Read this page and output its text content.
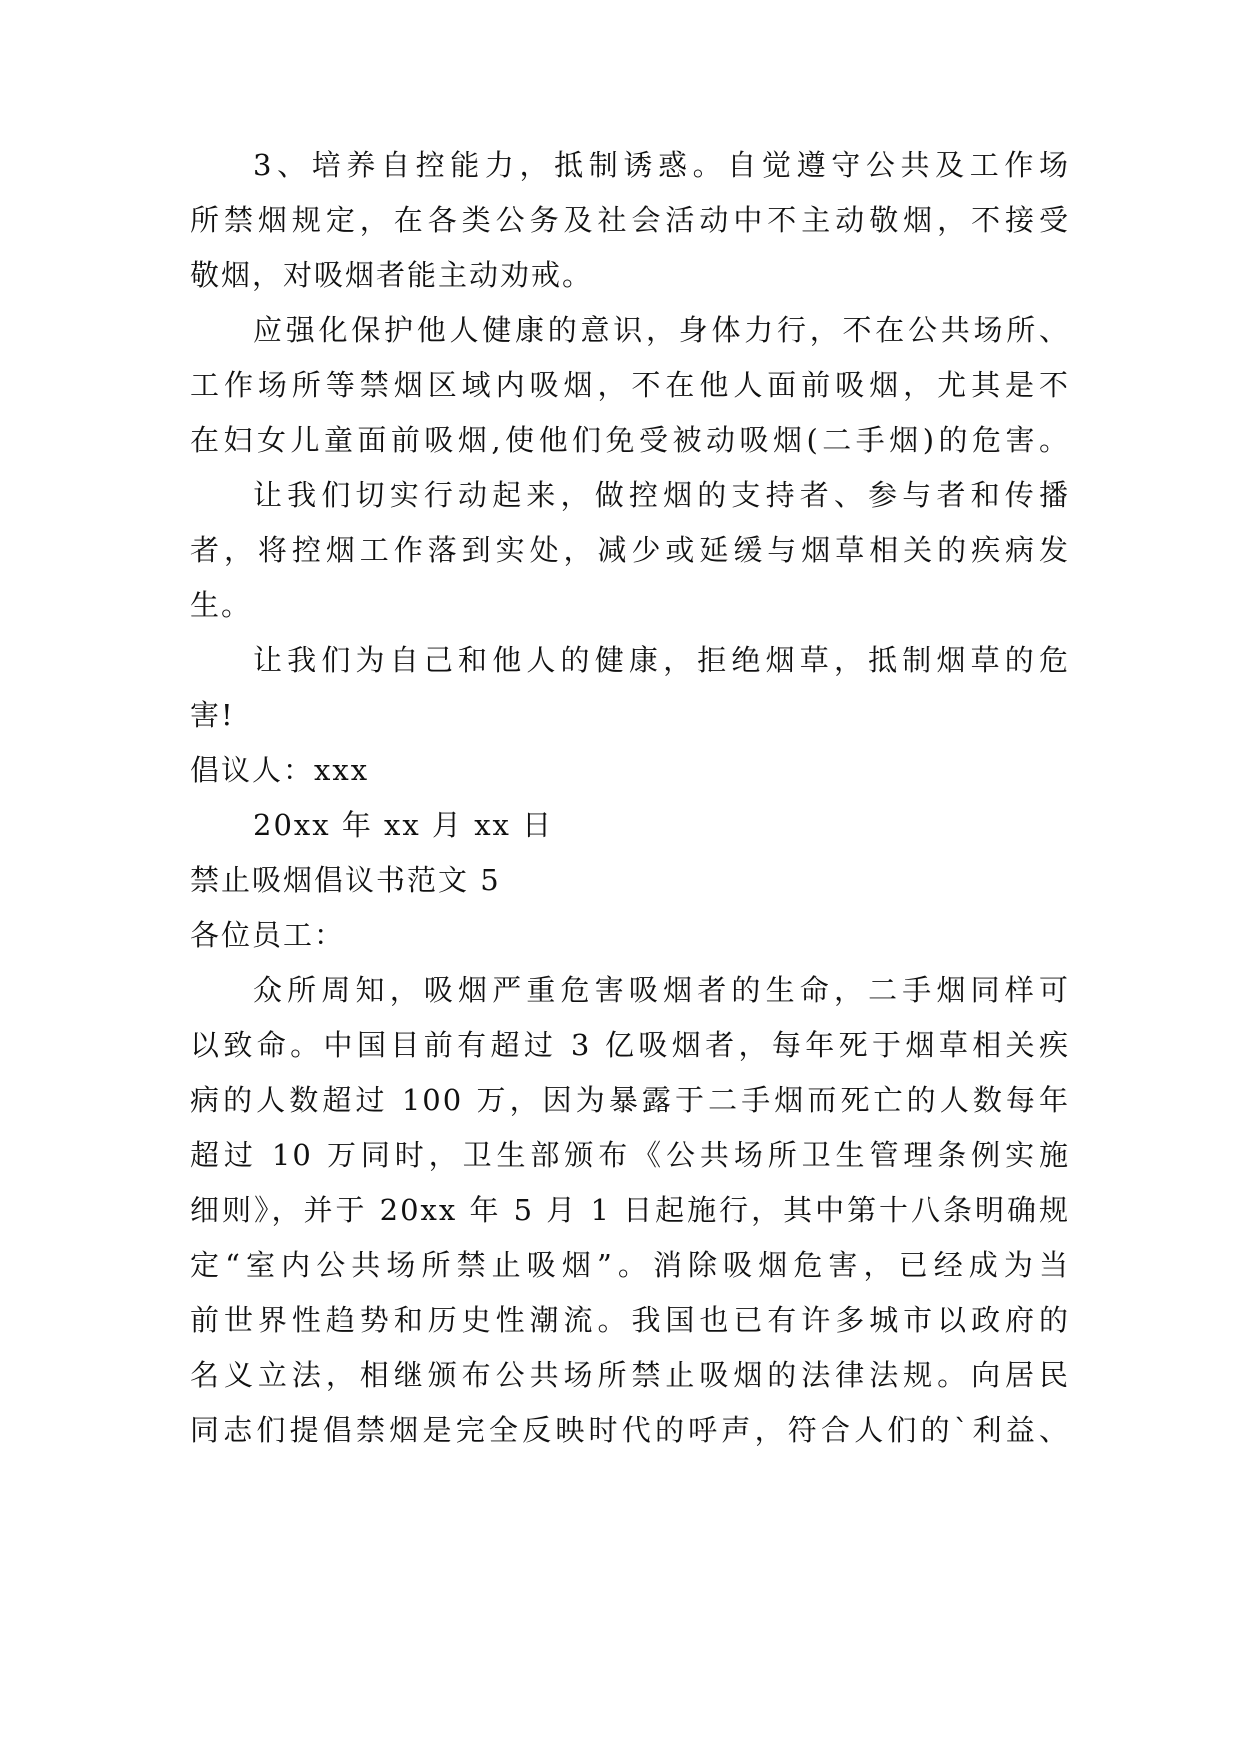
3、培养自控能力，抵制诱惑。自觉遵守公共及工作场
所禁烟规定，在各类公务及社会活动中不主动敬烟，不接受
敬烟，对吸烟者能主动劝戒。
应强化保护他人健康的意识，身体力行，不在公共场所、
工作场所等禁烟区域内吸烟，不在他人面前吸烟，尤其是不
在妇女儿童面前吸烟,使他们免受被动吸烟(二手烟)的危害。
让我们切实行动起来，做控烟的支持者、参与者和传播
者，将控烟工作落到实处，减少或延缓与烟草相关的疾病发
生。
让我们为自己和他人的健康，拒绝烟草，抵制烟草的危
害!
倡议人：xxx
20xx 年 xx 月 xx 日
禁止吸烟倡议书范文 5
各位员工：
众所周知，吸烟严重危害吸烟者的生命，二手烟同样可
以致命。中国目前有超过 3 亿吸烟者，每年死于烟草相关疾
病的人数超过 100 万，因为暴露于二手烟而死亡的人数每年
超过 10 万同时，卫生部颁布《公共场所卫生管理条例实施
细则》，并于 20xx 年 5 月 1 日起施行，其中第十八条明确规
定“室内公共场所禁止吸烟”。消除吸烟危害，已经成为当
前世界性趋势和历史性潮流。我国也已有许多城市以政府的
名义立法，相继颁布公共场所禁止吸烟的法律法规。向居民
同志们提倡禁烟是完全反映时代的呼声，符合人们的`利益、
